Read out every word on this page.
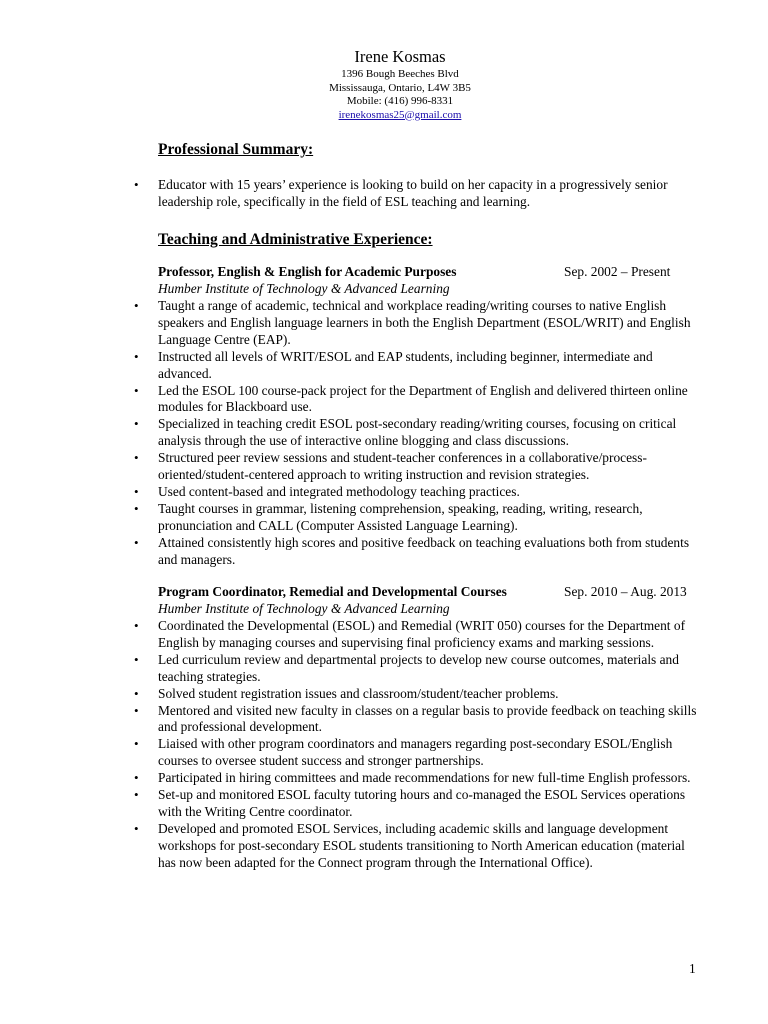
Irene Kosmas
1396 Bough Beeches Blvd
Mississauga, Ontario, L4W 3B5
Mobile: (416) 996-8331
irenekosmas25@gmail.com
Professional Summary:
• Educator with 15 years’ experience is looking to build on her capacity in a progressively senior leadership role, specifically in the field of ESL teaching and learning.
Teaching and Administrative Experience:
Professor, English & English for Academic Purposes	Sep. 2002 – Present
Humber Institute of Technology & Advanced Learning
• Taught a range of academic, technical and workplace reading/writing courses to native English speakers and English language learners in both the English Department (ESOL/WRIT) and English Language Centre (EAP).
• Instructed all levels of WRIT/ESOL and EAP students, including beginner, intermediate and advanced.
• Led the ESOL 100 course-pack project for the Department of English and delivered thirteen online modules for Blackboard use.
• Specialized in teaching credit ESOL post-secondary reading/writing courses, focusing on critical analysis through the use of interactive online blogging and class discussions.
• Structured peer review sessions and student-teacher conferences in a collaborative/process-oriented/student-centered approach to writing instruction and revision strategies.
• Used content-based and integrated methodology teaching practices.
• Taught courses in grammar, listening comprehension, speaking, reading, writing, research, pronunciation and CALL (Computer Assisted Language Learning).
• Attained consistently high scores and positive feedback on teaching evaluations both from students and managers.
Program Coordinator, Remedial and Developmental Courses	Sep. 2010 – Aug. 2013
Humber Institute of Technology & Advanced Learning
• Coordinated the Developmental (ESOL) and Remedial (WRIT 050) courses for the Department of English by managing courses and supervising final proficiency exams and marking sessions.
• Led curriculum review and departmental projects to develop new course outcomes, materials and teaching strategies.
• Solved student registration issues and classroom/student/teacher problems.
• Mentored and visited new faculty in classes on a regular basis to provide feedback on teaching skills and professional development.
• Liaised with other program coordinators and managers regarding post-secondary ESOL/English courses to oversee student success and stronger partnerships.
• Participated in hiring committees and made recommendations for new full-time English professors.
• Set-up and monitored ESOL faculty tutoring hours and co-managed the ESOL Services operations with the Writing Centre coordinator.
• Developed and promoted ESOL Services, including academic skills and language development workshops for post-secondary ESOL students transitioning to North American education (material has now been adapted for the Connect program through the International Office).
1
